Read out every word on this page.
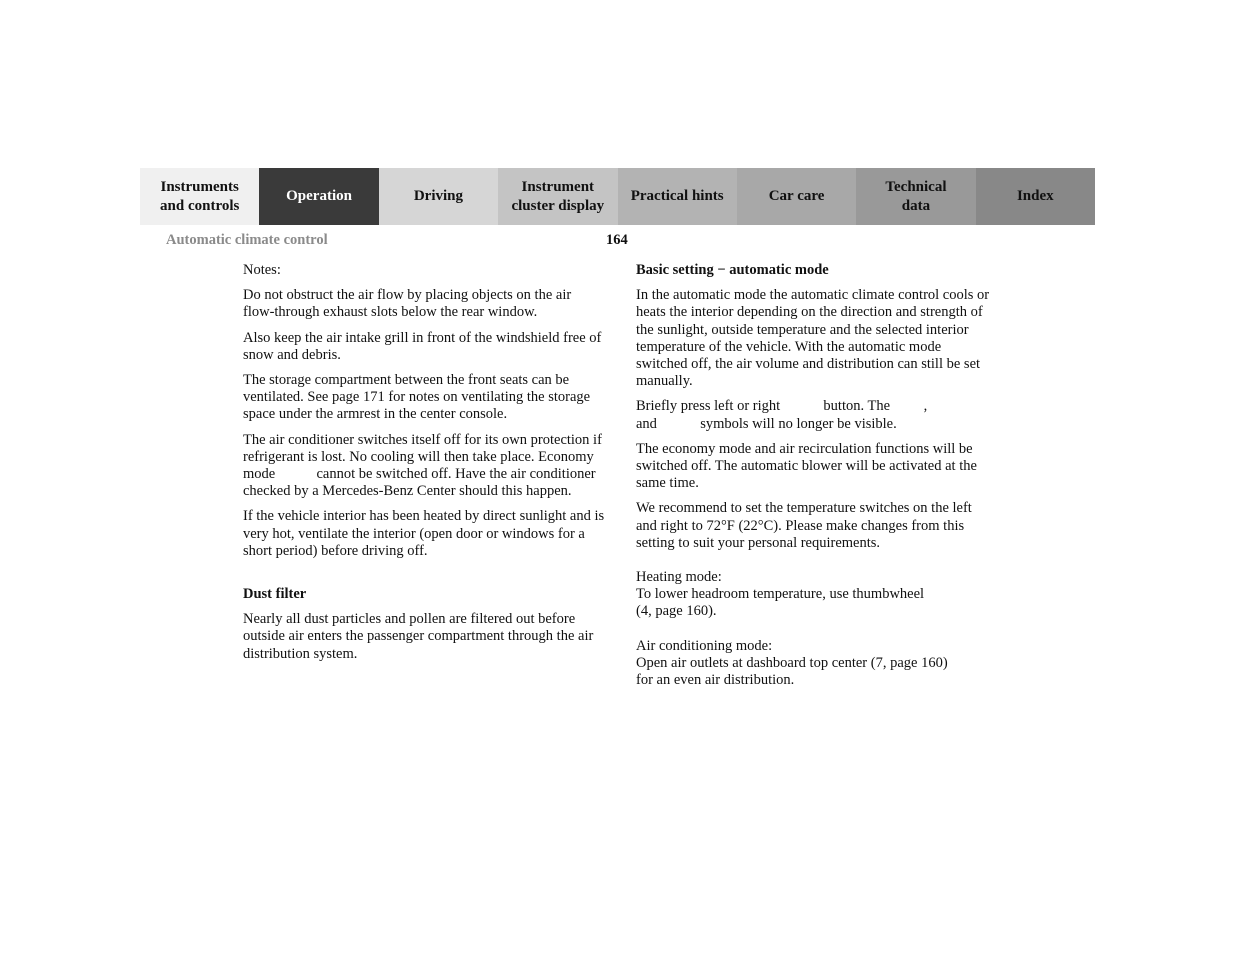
Instruments
and controls
Operation	Driving
Instrument
cluster display
Practical hints	Car care
Technical
data
Index
Automatic climate control	164

Notes:

Do not obstruct the air flow by placing objects on the air flow-through exhaust slots below the rear window.

Also keep the air intake grill in front of the windshield free of snow and debris.

The storage compartment between the front seats can be ventilated. See page 171 for notes on ventilating the storage space under the armrest in the center console.

The air conditioner switches itself off for its own protection if refrigerant is lost. No cooling will then take place. Economy mode	cannot be switched off. Have the air conditioner checked by a Mercedes-Benz Center should this happen.

If the vehicle interior has been heated by direct sunlight and is very hot, ventilate the interior (open door or windows for a short period) before driving off.

Dust filter

Nearly all dust particles and pollen are filtered out before outside air enters the passenger compartment through the air distribution system.

Basic setting − automatic mode

In the automatic mode the automatic climate control cools or heats the interior depending on the direction and strength of the sunlight, outside temperature and the selected interior temperature of the vehicle. With the automatic mode switched off, the air volume and distribution can still be set manually.

Briefly press left or right	button. The ,
and	symbols will no longer be visible.

The economy mode and air recirculation functions will be switched off. The automatic blower will be activated at the same time.

We recommend to set the temperature switches on the left and right to 72°F (22°C). Please make changes from this setting to suit your personal requirements.

Heating mode:
To lower headroom temperature, use thumbwheel
(4, page 160).

Air conditioning mode:
Open air outlets at dashboard top center (7, page 160)
for an even air distribution.
